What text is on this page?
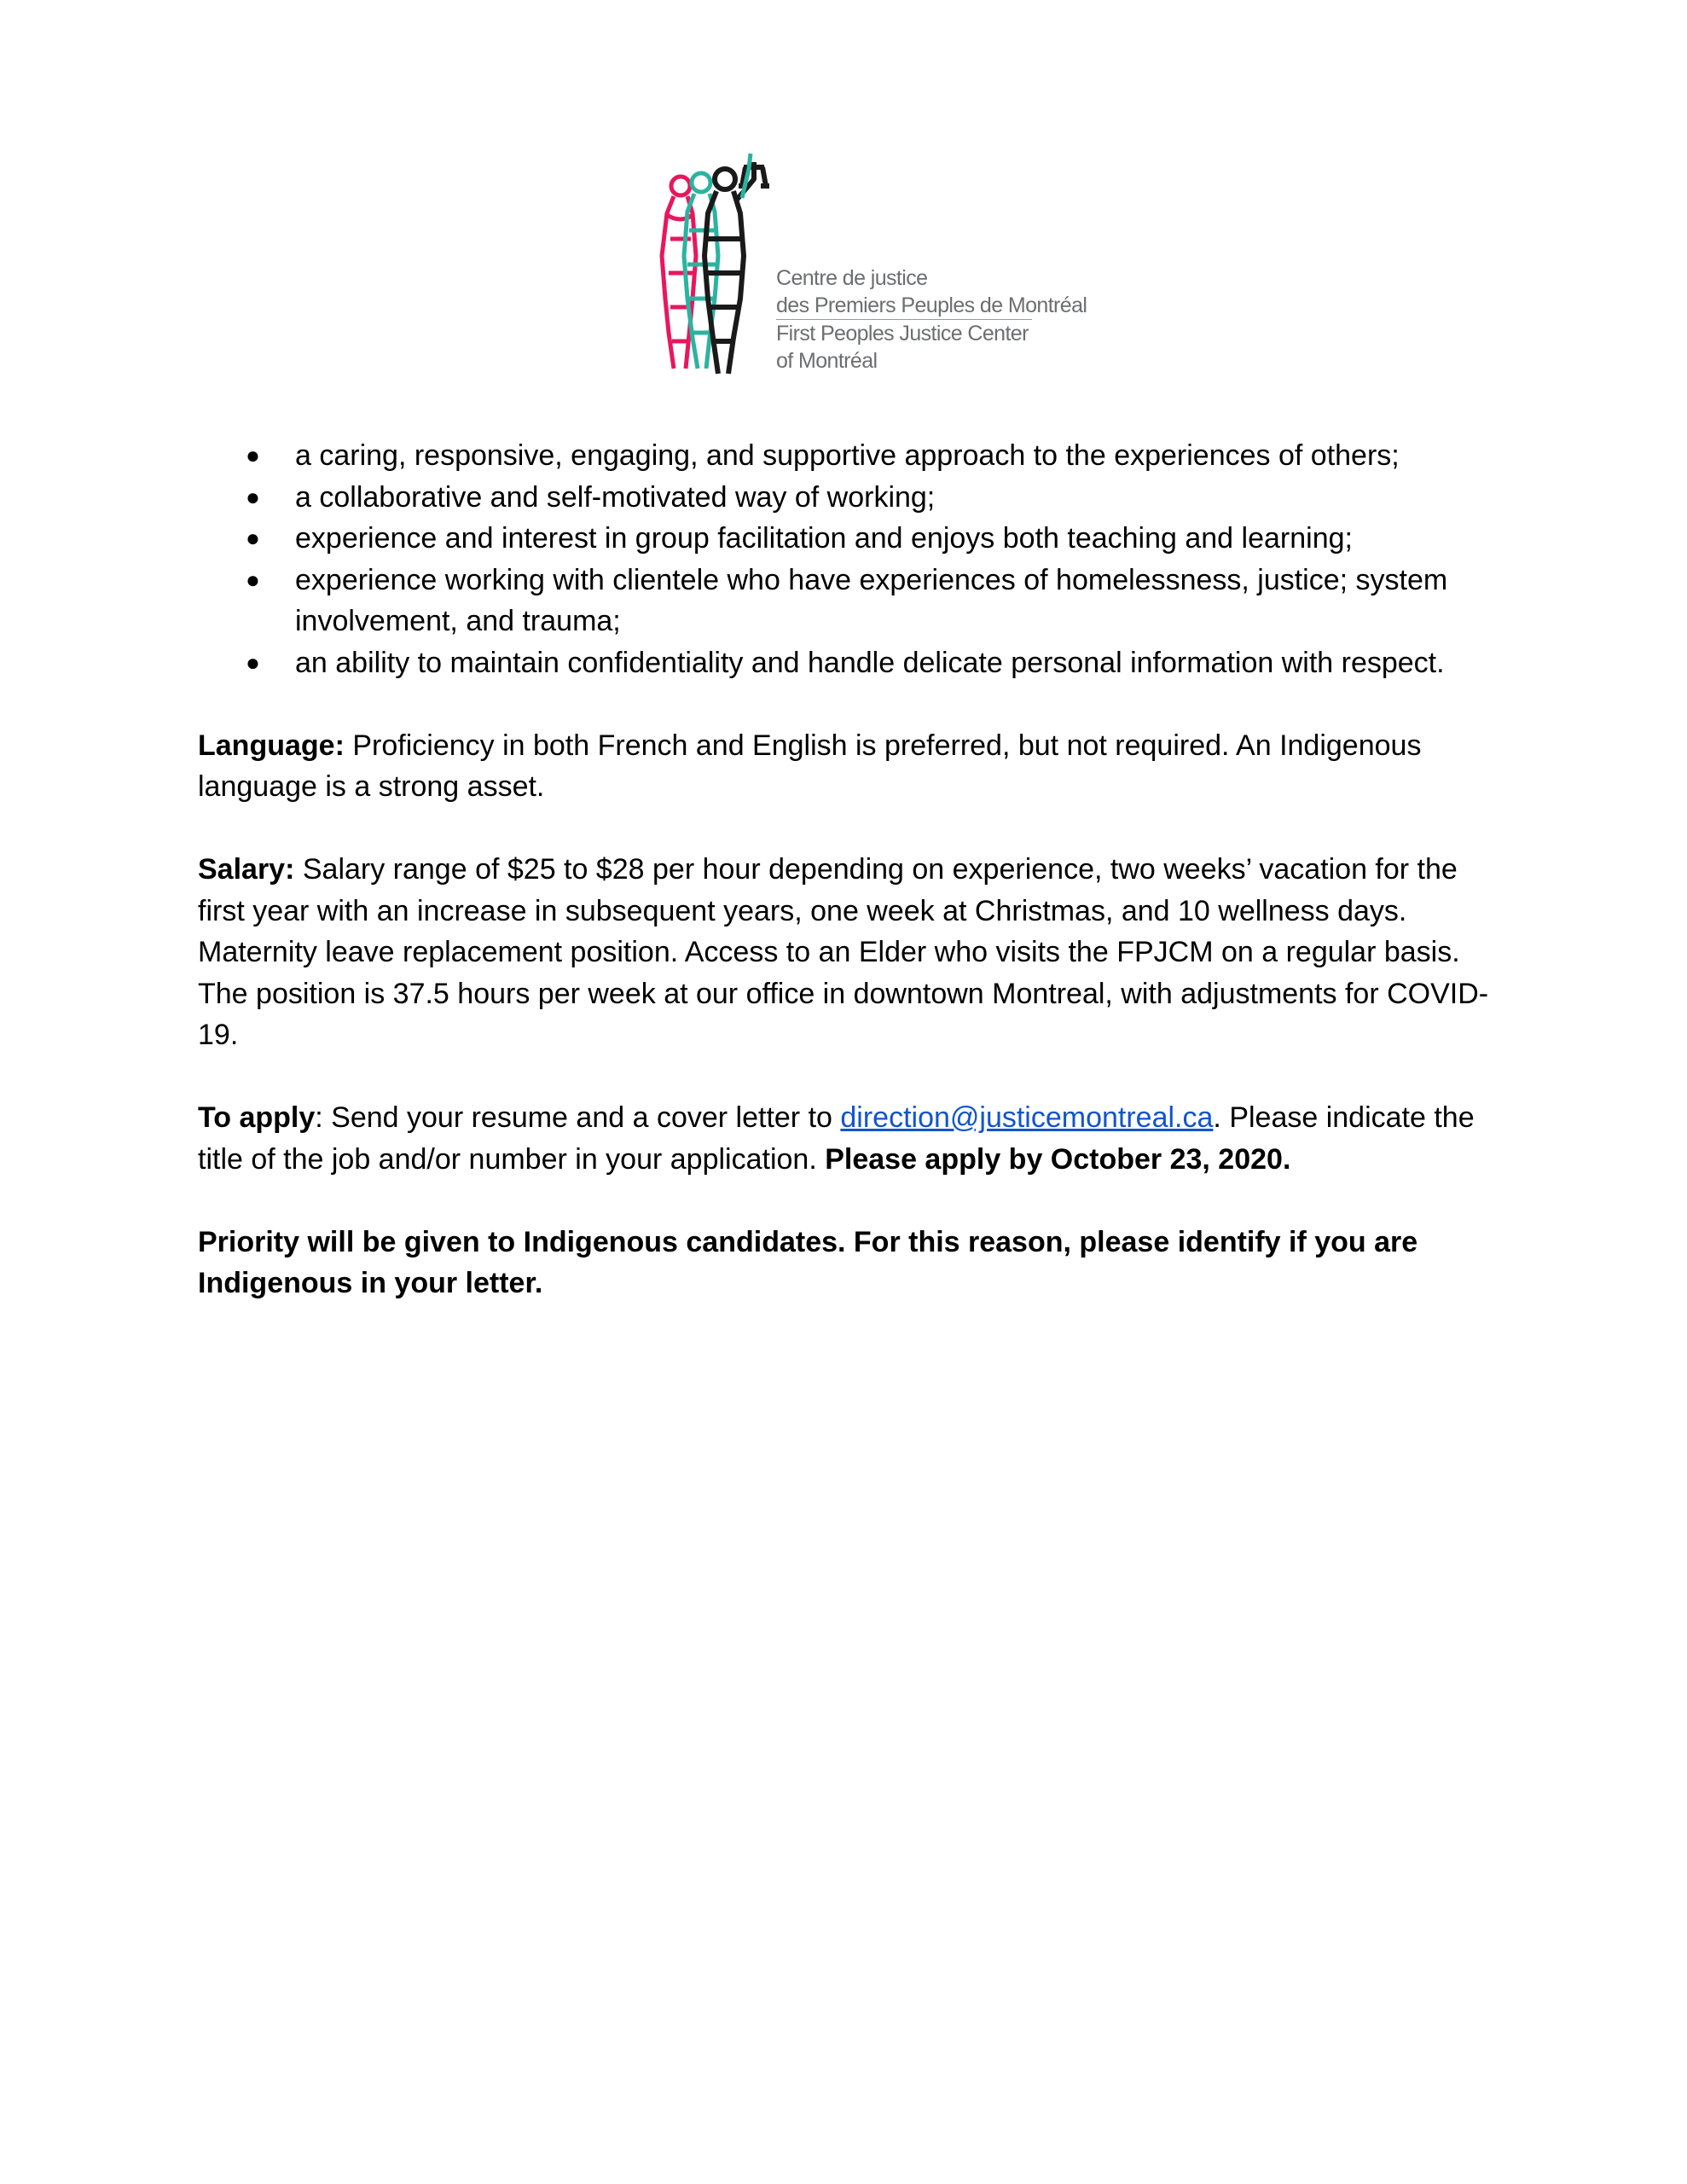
Centre de justice
des Premiers Peuples de Montréal
First Peoples Justice Center
of Montréal
● a caring, responsive, engaging, and supportive approach to the experiences of others;
● a collaborative and self-motivated way of working;
● experience and interest in group facilitation and enjoys both teaching and learning;
● experience working with clientele who have experiences of homelessness, justice; system involvement, and trauma;
● an ability to maintain confidentiality and handle delicate personal information with respect.

Language: Proficiency in both French and English is preferred, but not required. An Indigenous language is a strong asset.

Salary: Salary range of $25 to $28 per hour depending on experience, two weeks’ vacation for the first year with an increase in subsequent years, one week at Christmas, and 10 wellness days. Maternity leave replacement position. Access to an Elder who visits the FPJCM on a regular basis. The position is 37.5 hours per week at our office in downtown Montreal, with adjustments for COVID-19.

To apply: Send your resume and a cover letter to direction@justicemontreal.ca. Please indicate the title of the job and/or number in your application. Please apply by October 23, 2020.

Priority will be given to Indigenous candidates. For this reason, please identify if you are Indigenous in your letter.
